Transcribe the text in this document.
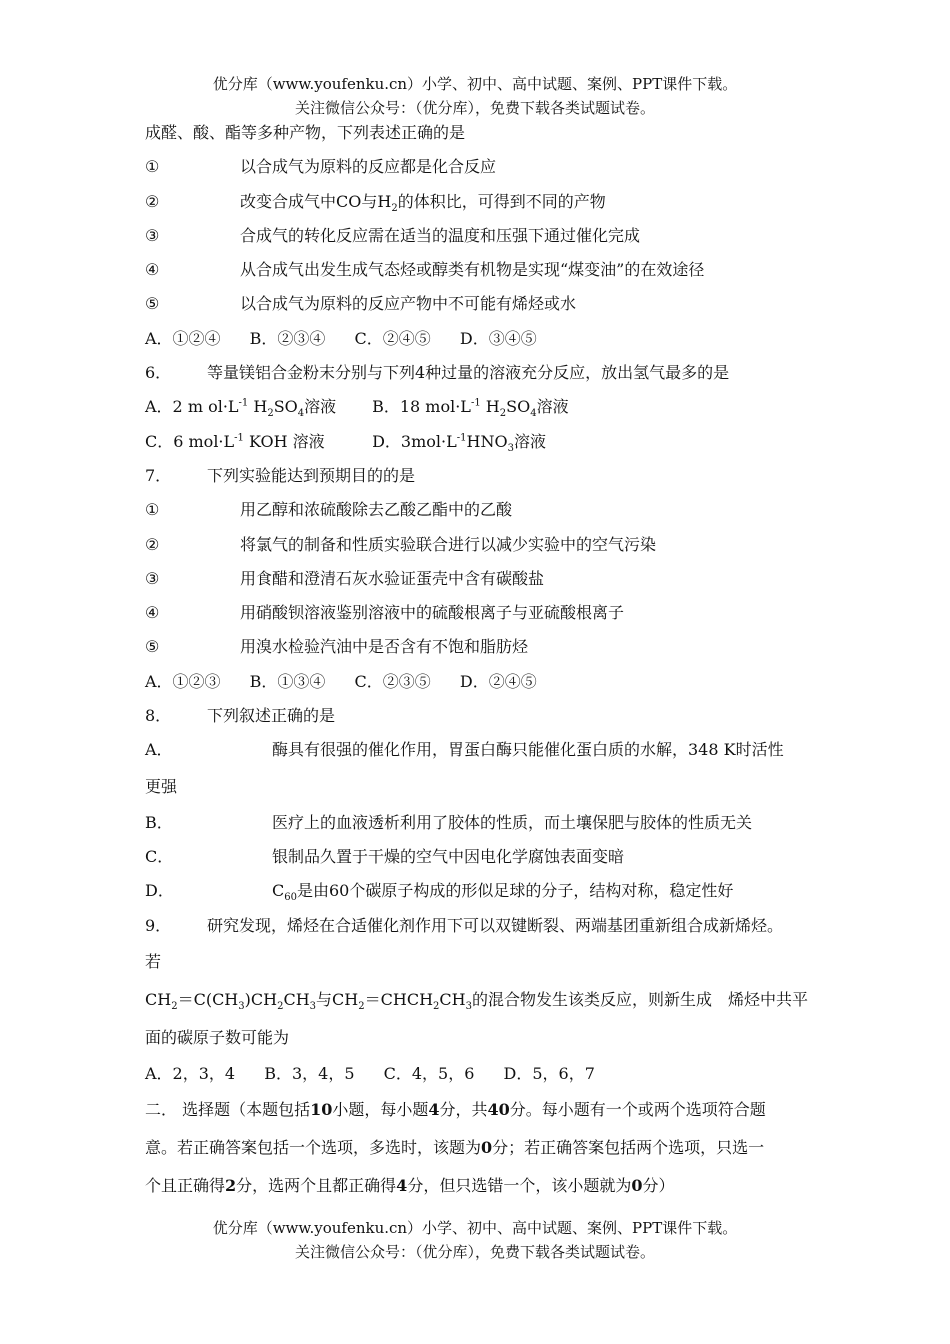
优分库（www.youfenku.cn）小学、初中、高中试题、案例、PPT课件下载。
关注微信公众号：（优分库），免费下载各类试题试卷。
成醛、酸、酯等多种产物，下列表述正确的是
①	以合成气为原料的反应都是化合反应
②	改变合成气中CO与$H_2$的体积比，可得到不同的产物
③	合成气的转化反应需在适当的温度和压强下通过催化完成
④	从合成气出发生成气态烃或醇类有机物是实现“煤变油”的在效途径
⑤	以合成气为原料的反应产物中不可能有烯烃或水
A．①②④ B．②③④ C．②④⑤ D．③④⑤
6． 等量镁铝合金粉末分别与下列4种过量的溶液充分反应，放出氢气最多的是
A．2 m $ol\cdot L^{-1}$ $H_2SO_4$溶液 B．18 $mol\cdot L^{-1}$ $H_2SO_4$溶液
C．6 $mol\cdot L^{-1}$ KOH 溶液	D．$3mol\cdot L^{-1}HNO_3$溶液
7． 下列实验能达到预期目的的是
①	用乙醇和浓硫酸除去乙酸乙酯中的乙酸
②	将氯气的制备和性质实验联合进行以减少实验中的空气污染
③	用食醋和澄清石灰水验证蛋壳中含有碳酸盐
④	用硝酸钡溶液鉴别溶液中的硫酸根离子与亚硫酸根离子
⑤	用溴水检验汽油中是否含有不饱和脂肪烃
A．①②③ B．①③④ C．②③⑤ D．②④⑤
8． 下列叙述正确的是
A．	酶具有很强的催化作用，胃蛋白酶只能催化蛋白质的水解，348 K时活性
更强
B．	医疗上的血液透析利用了胶体的性质，而土壤保肥与胶体的性质无关
C．	银制品久置于干燥的空气中因电化学腐蚀表面变暗
D．	$C_{60}$是由60个碳原子构成的形似足球的分子，结构对称，稳定性好
9． 研究发现，烯烃在合适催化剂作用下可以双键断裂、两端基团重新组合成新烯烃。
若
$CH_2=C(CH_3)CH_2CH_3$与$CH_2=CHCH_2CH_3$的混合物发生该类反应，则新生成　烯烃中共平
面的碳原子数可能为
A．2，3，4 B．3，4，5 C．4，5，6 D．5，6，7
二． 选择题（本题包括10小题，每小题4分，共40分。每小题有一个或两个选项符合题
意。若正确答案包括一个选项，多选时，该题为0分；若正确答案包括两个选项，只选一
个且正确得2分，选两个且都正确得4分，但只选错一个，该小题就为0分）
优分库（www.youfenku.cn）小学、初中、高中试题、案例、PPT课件下载。
关注微信公众号：（优分库），免费下载各类试题试卷。
